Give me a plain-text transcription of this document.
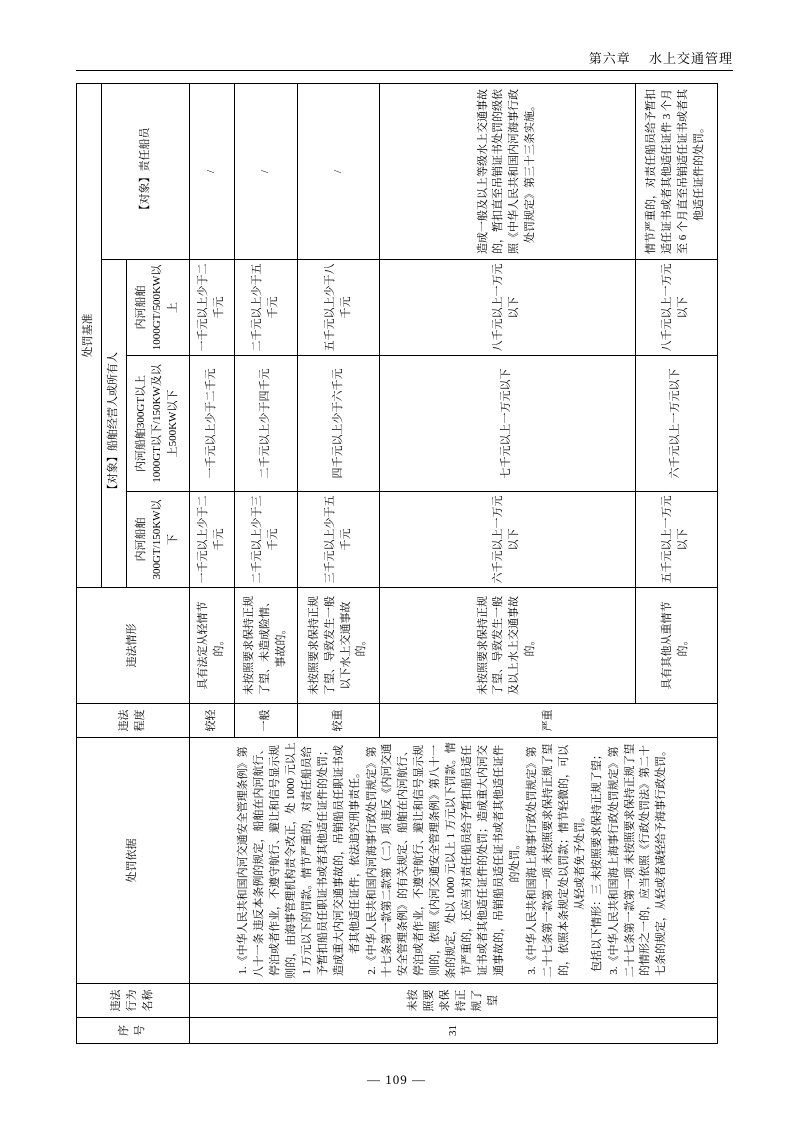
第六章 水上交通管理
序号	违法行为名称	处罚依据	违法程度	违法情形	处罚基准			
					【对象】船舶经营人或所有人			【对象】责任船员
					内河船舶300GT/150KW以下	内河船舶300GT以上1000GT以下/150KW及以上500KW以下	内河船舶1000GT/500KW以上	

31	未按照要求保持正规了望	1.《中华人民共和国内河交通安全管理条例》第八十一条 违反本条例的规定，船舶在内河航行、停泊或者作业，不遵守航行、避让和信号显示规则的，由海事管理机构责令改正，处 1000 元以上 1 万元以下的罚款。情节严重的，对责任船员给予暂扣船员任职证书或者其他适任证件的处罚；造成重大内河交通事故的，吊销船员任职证书或者其他适任证件，依法追究刑事责任。 2.《中华人民共和国内河海事行政处罚规定》第十七条第一款第二款第（二）项 违反《内河交通安全管理条例》的有关规定、船舶在内河航行、停泊或者作业，不遵守航行、避让和信号显示规则的，依照《内河交通安全管理条例》第八十一条的规定，处以 1000 元以上 1 万元以下罚款。情节严重的，还应当对责任船员给予暂扣船员适任证书或者其他适任证件的处罚；造成重大内河交通事故的，吊销船员适任证书或者其他适任证件的处罚。 3.《中华人民共和国海上海事行政处罚规定》第二十七条第一款第一项 未按照要求保持正规了望的，依照本条规定处以罚款；情节轻微的，可以从轻或者免予处罚。 包括以下情形：三 未按照要求保持正规了望； 3.《中华人民共和国海上海事行政处罚规定》第二十七条第一款第一项 未按照要求保持正规了望的情形之一的，应当依照《行政处罚法》第二十七条的规定，从轻或者减轻给予海事行政处罚。	较轻	具有法定从轻情节的。	一千元以上少于二千元	一千元以上少于二千元	一千元以上少于二千元	/
			一般	未按照要求保持正规了望、未造成险情、事故的。	二千元以上少于三千元	二千元以上少于四千元	二千元以上少于五千元	/
			较重	未按照要求保持正规了望、导致发生一般以下水上交通事故的。	三千元以上少于五千元	四千元以上少于六千元	五千元以上少于八千元	/
			严重	未按照要求保持正规了望、导致发生一般及以上水上交通事故的。	六千元以上一万元以下	七千元以上一万元以下	八千元以上一万元以下	造成一般及以上等级水上交通事故的，暂扣直至吊销证书处罚的级依照《中华人民共和国内河海事行政处罚规定》第三十三条实施。
				具有其他从重情节的。	五千元以上一万元以下	六千元以上一万元以下	八千元以上一万元以下	情节严重的，对责任船员给予暂扣适任证书或者其他适任证件 3 个月至 6 个月直至吊销适任证书或者其他适任证件的处罚。
— 109 —
